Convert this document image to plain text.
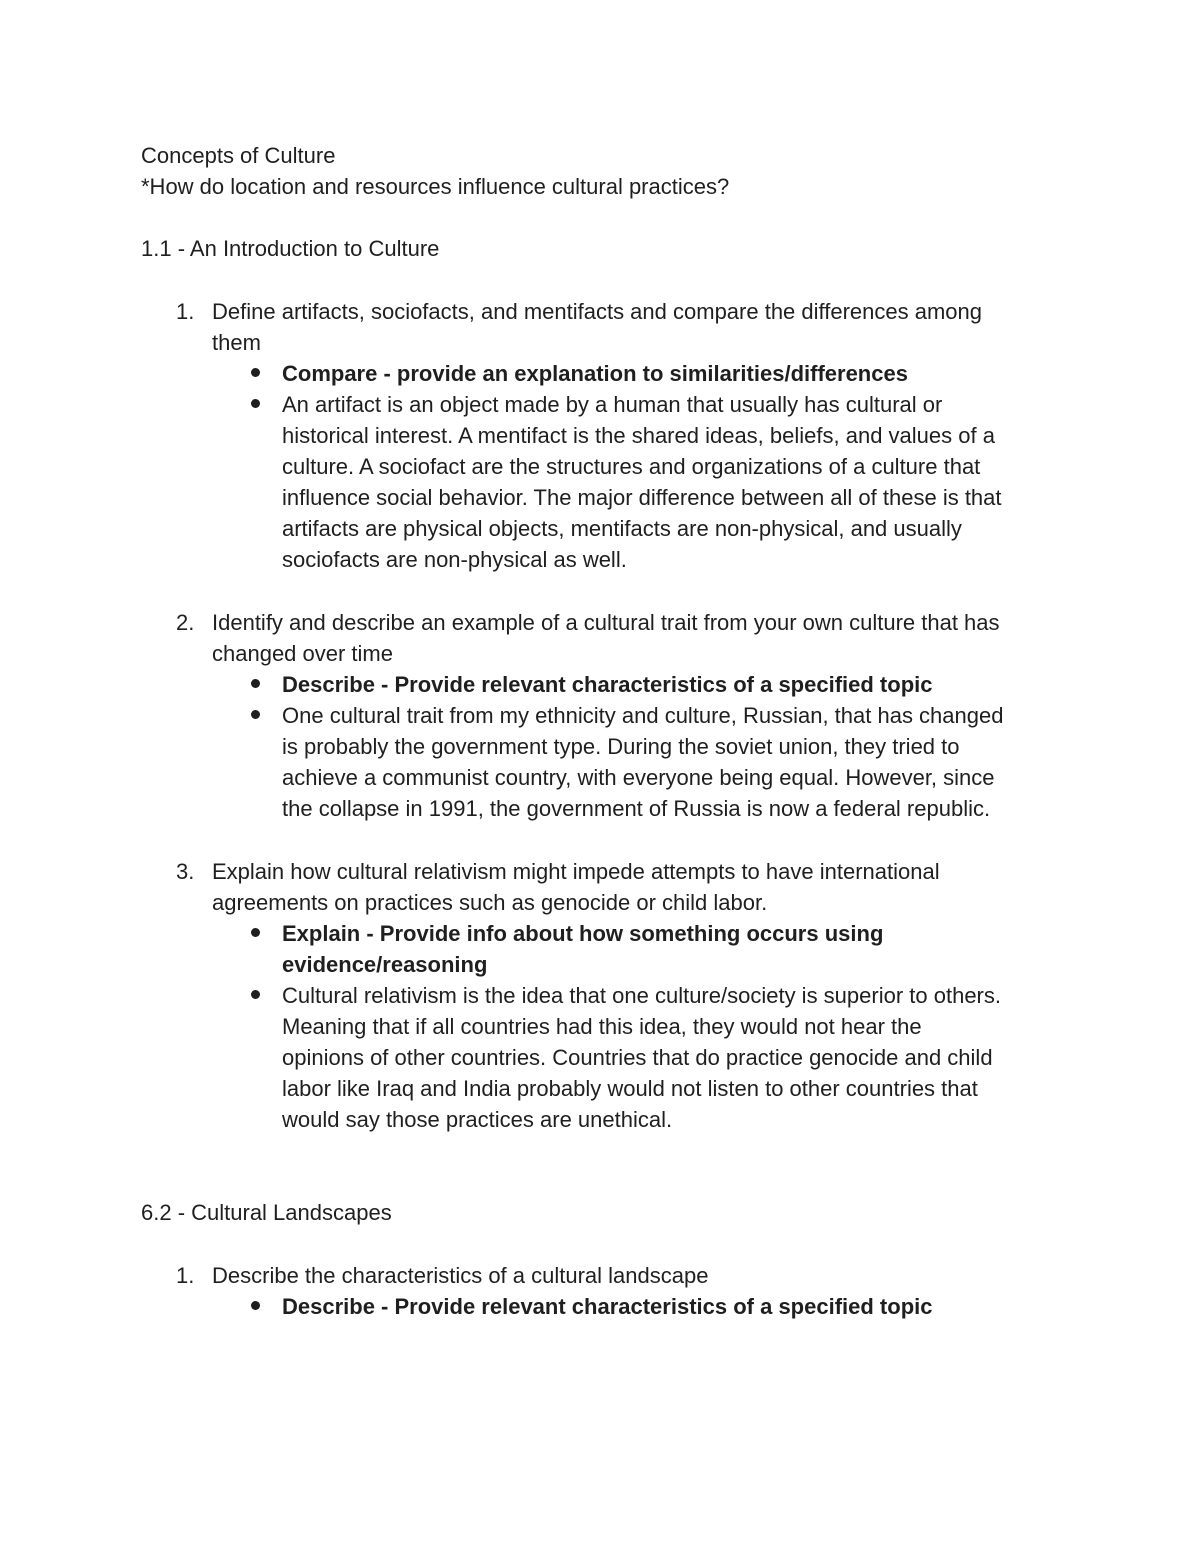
Concepts of Culture
*How do location and resources influence cultural practices?
1.1 - An Introduction to Culture
1. Define artifacts, sociofacts, and mentifacts and compare the differences among
them
Compare - provide an explanation to similarities/differences
An artifact is an object made by a human that usually has cultural or
historical interest. A mentifact is the shared ideas, beliefs, and values of a
culture. A sociofact are the structures and organizations of a culture that
influence social behavior. The major difference between all of these is that
artifacts are physical objects, mentifacts are non-physical, and usually
sociofacts are non-physical as well.
2. Identify and describe an example of a cultural trait from your own culture that has
changed over time
Describe - Provide relevant characteristics of a specified topic
One cultural trait from my ethnicity and culture, Russian, that has changed
is probably the government type. During the soviet union, they tried to
achieve a communist country, with everyone being equal. However, since
the collapse in 1991, the government of Russia is now a federal republic.
3. Explain how cultural relativism might impede attempts to have international
agreements on practices such as genocide or child labor.
Explain - Provide info about how something occurs using
evidence/reasoning
Cultural relativism is the idea that one culture/society is superior to others.
Meaning that if all countries had this idea, they would not hear the
opinions of other countries. Countries that do practice genocide and child
labor like Iraq and India probably would not listen to other countries that
would say those practices are unethical.
6.2 - Cultural Landscapes
1. Describe the characteristics of a cultural landscape
Describe - Provide relevant characteristics of a specified topic
